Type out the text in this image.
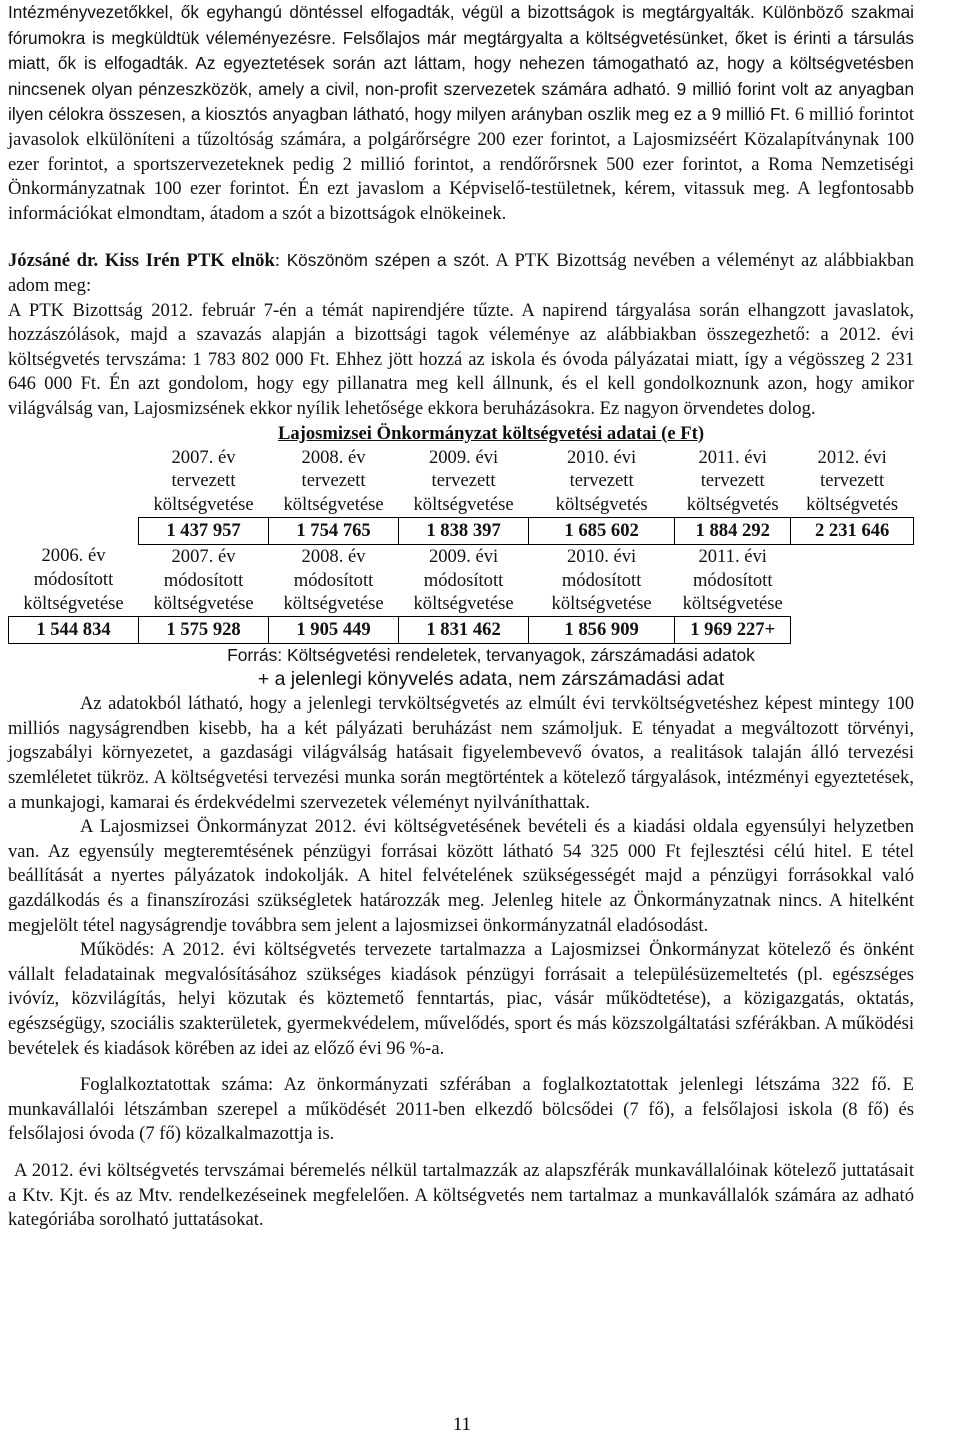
Intézményvezetőkkel, ők egyhangú döntéssel elfogadták, végül a bizottságok is megtárgyalták. Különböző szakmai fórumokra is megküldtük véleményezésre. Felsőlajos már megtárgyalta a költségvetésünket, őket is érinti a társulás miatt, ők is elfogadták. Az egyeztetések során azt láttam, hogy nehezen támogatható az, hogy a költségvetésben nincsenek olyan pénzeszközök, amely a civil, non-profit szervezetek számára adható. 9 millió forint volt az anyagban ilyen célokra összesen, a kiosztós anyagban látható, hogy milyen arányban oszlik meg ez a 9 millió Ft. 6 millió forintot javasolok elkülöníteni a tűzoltóság számára, a polgárőrségre 200 ezer forintot, a Lajosmizséért Közalapítványnak 100 ezer forintot, a sportszervezeteknek pedig 2 millió forintot, a rendőrőrsnek 500 ezer forintot, a Roma Nemzetiségi Önkormányzatnak 100 ezer forintot. Én ezt javaslom a Képviselő-testületnek, kérem, vitassuk meg. A legfontosabb információkat elmondtam, átadom a szót a bizottságok elnökeinek.

Józsáné dr. Kiss Irén PTK elnök: Köszönöm szépen a szót. A PTK Bizottság nevében a véleményt az alábbiakban adom meg:

A PTK Bizottság 2012. február 7-én a témát napirendjére tűzte. A napirend tárgyalása során elhangzott javaslatok, hozzászólások, majd a szavazás alapján a bizottsági tagok véleménye az alábbiakban összegezhető: a 2012. évi költségvetés tervszáma: 1 783 802 000 Ft. Ehhez jött hozzá az iskola és óvoda pályázatai miatt, így a végösszeg 2 231 646 000 Ft. Én azt gondolom, hogy egy pillanatra meg kell állnunk, és el kell gondolkoznunk azon, hogy amikor világválság van, Lajosmizsének ekkor nyílik lehetősége ekkora beruházásokra. Ez nagyon örvendetes dolog.

Lajosmizsei Önkormányzat költségvetési adatai (e Ft)
	2007. év
tervezett
költségvetése	2008. év
tervezett
költségvetése	2009. évi
tervezett
költségvetése	2010. évi
tervezett
költségvetés	2011. évi
tervezett
költségvetés	2012. évi
tervezett
költségvetés
	1 437 957	1 754 765	1 838 397	1 685 602	1 884 292	2 231 646
2006. év
módosított
költségvetése	2007. év
módosított
költségvetése	2008. év
módosított
költségvetése	2009. évi
módosított
költségvetése	2010. évi
módosított
költségvetése	2011. évi
módosított
költségvetése	
1 544 834	1 575 928	1 905 449	1 831 462	1 856 909	1 969 227+	
Forrás: Költségvetési rendeletek, tervanyagok, zárszámadási adatok
+ a jelenlegi könyvelés adata, nem zárszámadási adat

Az adatokból látható, hogy a jelenlegi tervköltségvetés az elmúlt évi tervköltségvetéshez képest mintegy 100 milliós nagyságrendben kisebb, ha a két pályázati beruházást nem számoljuk. E tényadat a megváltozott törvényi, jogszabályi környezetet, a gazdasági világválság hatásait figyelembevevő óvatos, a realitások talaján álló tervezési szemléletet tükröz. A költségvetési tervezési munka során megtörténtek a kötelező tárgyalások, intézményi egyeztetések, a munkajogi, kamarai és érdekvédelmi szervezetek véleményt nyilváníthattak.

A Lajosmizsei Önkormányzat 2012. évi költségvetésének bevételi és a kiadási oldala egyensúlyi helyzetben van. Az egyensúly megteremtésének pénzügyi forrásai között látható 54 325 000 Ft fejlesztési célú hitel. E tétel beállítását a nyertes pályázatok indokolják. A hitel felvételének szükségességét majd a pénzügyi forrásokkal való gazdálkodás és a finanszírozási szükségletek határozzák meg. Jelenleg hitele az Önkormányzatnak nincs. A hitelként megjelölt tétel nagyságrendje továbbra sem jelent a lajosmizsei önkormányzatnál eladósodást.

Működés: A 2012. évi költségvetés tervezete tartalmazza a Lajosmizsei Önkormányzat kötelező és önként vállalt feladatainak megvalósításához szükséges kiadások pénzügyi forrásait a településüzemeltetés (pl. egészséges ivóvíz, közvilágítás, helyi közutak és köztemető fenntartás, piac, vásár működtetése), a közigazgatás, oktatás, egészségügy, szociális szakterületek, gyermekvédelem, művelődés, sport és más közszolgáltatási szférákban. A működési bevételek és kiadások körében az idei az előző évi 96 %-a.

Foglalkoztatottak száma: Az önkormányzati szférában a foglalkoztatottak jelenlegi létszáma 322 fő. E munkavállalói létszámban szerepel a működését 2011-ben elkezdő bölcsődei (7 fő), a felsőlajosi iskola (8 fő) és felsőlajosi óvoda (7 fő) közalkalmazottja is.

A 2012. évi költségvetés tervszámai béremelés nélkül tartalmazzák az alapszférák munkavállalóinak kötelező juttatásait a Ktv. Kjt. és az Mtv. rendelkezéseinek megfelelően. A költségvetés nem tartalmaz a munkavállalók számára az adható kategóriába sorolható juttatásokat.

11
